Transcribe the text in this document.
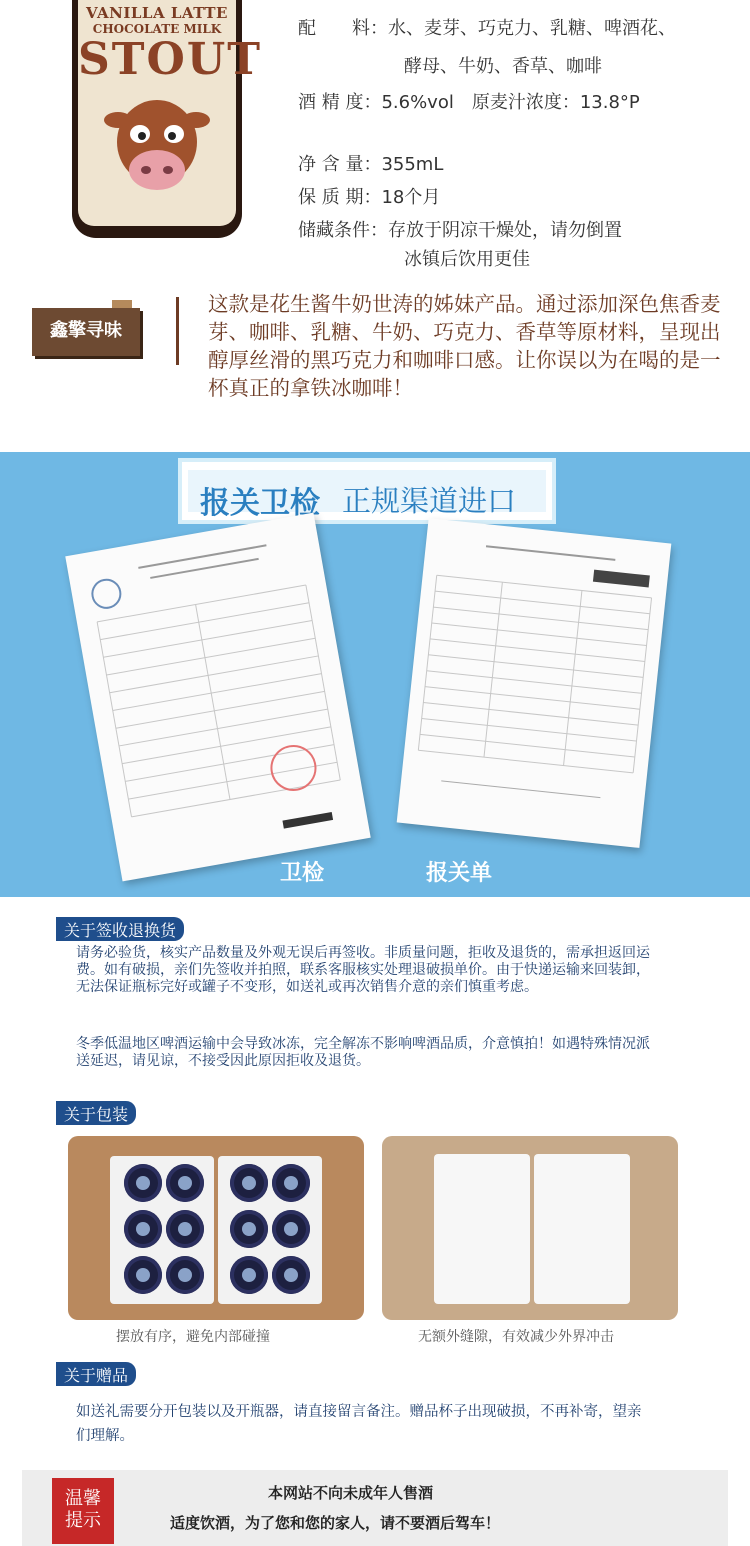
VANILLA LATTE
CHOCOLATE MILK
STOUT
配　　料：水、麦芽、巧克力、乳糖、啤酒花、
酵母、牛奶、香草、咖啡
酒 精 度：5.6%vol　原麦汁浓度：13.8°P
净 含 量：355mL
保 质 期：18个月
储藏条件：存放于阴凉干燥处，请勿倒置
冰镇后饮用更佳
鑫擎寻味
这款是花生酱牛奶世涛的姊妹产品。通过添加深色焦香麦芽、咖啡、乳糖、牛奶、巧克力、香草等原材料，呈现出醇厚丝滑的黑巧克力和咖啡口感。让你误以为在喝的是一杯真正的拿铁冰咖啡！
报关卫检 正规渠道进口
卫检	报关单
关于签收退换货
请务必验货，核实产品数量及外观无误后再签收。非质量问题，拒收及退货的，需承担返回运费。如有破损，亲们先签收并拍照，联系客服核实处理退破损单价。由于快递运输来回装卸，无法保证瓶标完好或罐子不变形，如送礼或再次销售介意的亲们慎重考虑。
冬季低温地区啤酒运输中会导致冰冻，完全解冻不影响啤酒品质，介意慎拍！如遇特殊情况派送延迟，请见谅，不接受因此原因拒收及退货。
关于包装
摆放有序，避免内部碰撞	无额外缝隙，有效减少外界冲击
关于赠品
如送礼需要分开包装以及开瓶器，请直接留言备注。赠品杯子出现破损，不再补寄，望亲们理解。
温馨
提示
本网站不向未成年人售酒
适度饮酒，为了您和您的家人，请不要酒后驾车！
